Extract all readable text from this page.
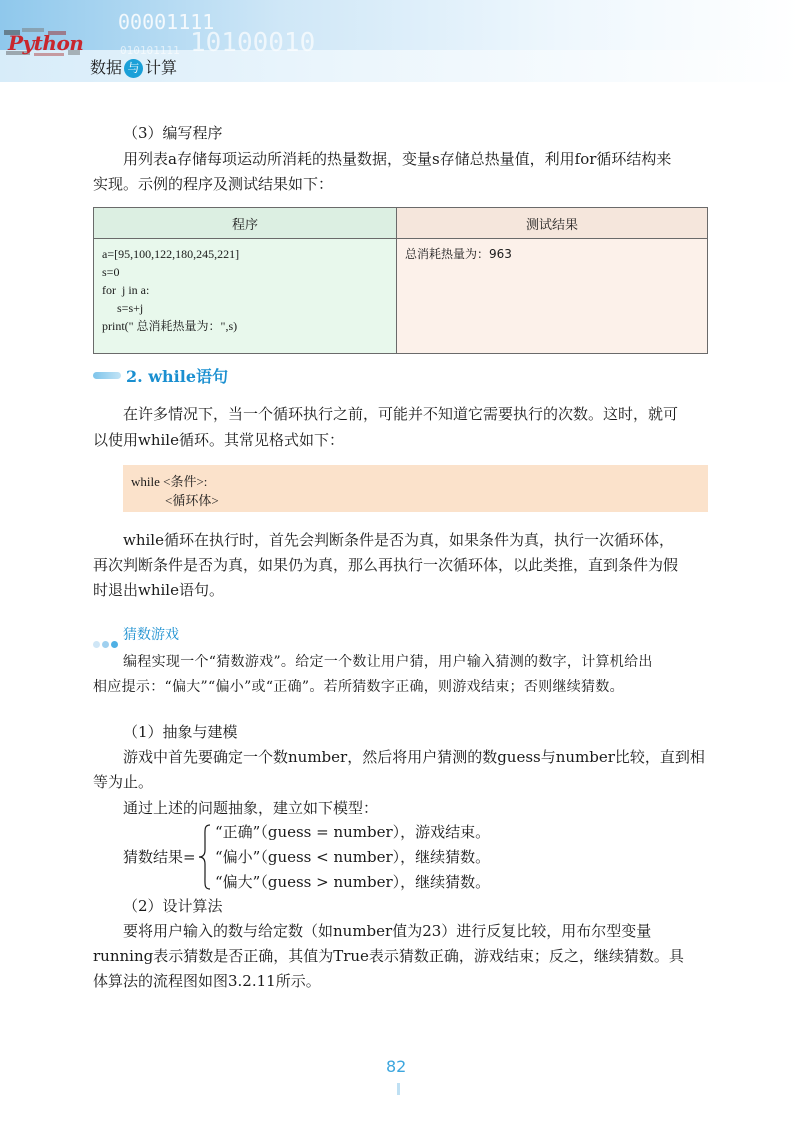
00001111
10100010
010101111
Python
数据 与 计算

（3）编写程序

用列表a存储每项运动所消耗的热量数据，变量s存储总热量值，利用for循环结构来

实现。示例的程序及测试结果如下：

程序	测试结果

a=[95,100,122,180,245,221]
s=0
for  j in a:
s=s+j
print(" 总消耗热量为：",s)	总消耗热量为：963
2. while语句

在许多情况下，当一个循环执行之前，可能并不知道它需要执行的次数。这时，就可

以使用while循环。其常见格式如下：

while <条件>:
<循环体>

while循环在执行时，首先会判断条件是否为真，如果条件为真，执行一次循环体，

再次判断条件是否为真，如果仍为真，那么再执行一次循环体，以此类推，直到条件为假

时退出while语句。

猜数游戏

编程实现一个“猜数游戏”。给定一个数让用户猜，用户输入猜测的数字，计算机给出

相应提示：“偏大”“偏小”或“正确”。若所猜数字正确，则游戏结束；否则继续猜数。

（1）抽象与建模

游戏中首先要确定一个数number，然后将用户猜测的数guess与number比较，直到相

等为止。

通过上述的问题抽象，建立如下模型：

猜数结果=

“正确”（guess = number），游戏结束。

“偏小”（guess < number），继续猜数。

“偏大”（guess > number），继续猜数。

（2）设计算法

要将用户输入的数与给定数（如number值为23）进行反复比较，用布尔型变量

running表示猜数是否正确，其值为True表示猜数正确，游戏结束；反之，继续猜数。具

体算法的流程图如图3.2.11所示。

82
